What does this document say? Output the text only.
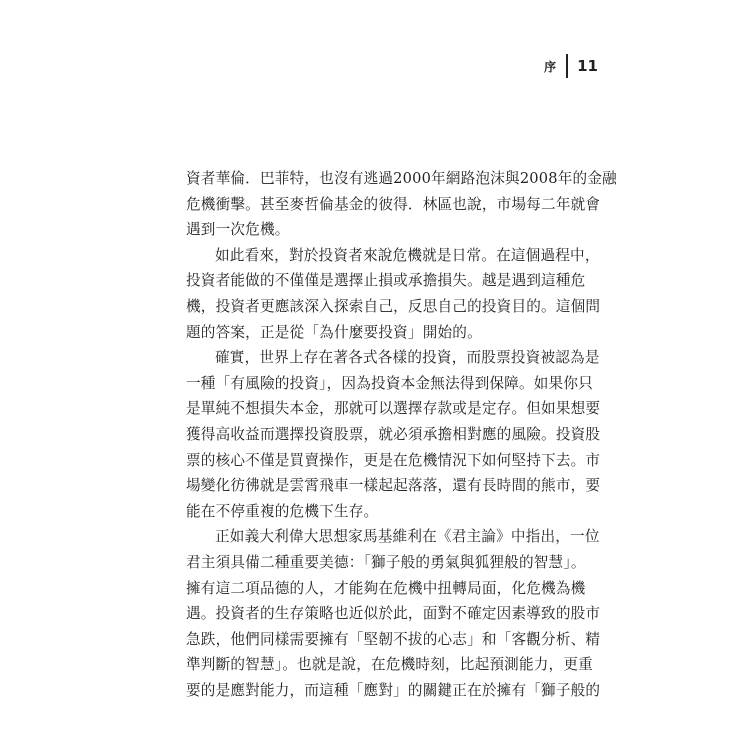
序 11
資者華倫．巴菲特，也沒有逃過2000年網路泡沫與2008年的金融
危機衝擊。甚至麥哲倫基金的彼得．林區也說，市場每二年就會
遇到一次危機。
如此看來，對於投資者來說危機就是日常。在這個過程中，
投資者能做的不僅僅是選擇止損或承擔損失。越是遇到這種危
機，投資者更應該深入探索自己，反思自己的投資目的。這個問
題的答案，正是從「為什麼要投資」開始的。
確實，世界上存在著各式各樣的投資，而股票投資被認為是
一種「有風險的投資」，因為投資本金無法得到保障。如果你只
是單純不想損失本金，那就可以選擇存款或是定存。但如果想要
獲得高收益而選擇投資股票，就必須承擔相對應的風險。投資股
票的核心不僅是買賣操作，更是在危機情況下如何堅持下去。市
場變化彷彿就是雲霄飛車一樣起起落落，還有長時間的熊市，要
能在不停重複的危機下生存。
正如義大利偉大思想家馬基維利在《君主論》中指出，一位
君主須具備二種重要美德：「獅子般的勇氣與狐狸般的智慧」。
擁有這二項品德的人，才能夠在危機中扭轉局面，化危機為機
遇。投資者的生存策略也近似於此，面對不確定因素導致的股市
急跌，他們同樣需要擁有「堅韌不拔的心志」和「客觀分析、精
準判斷的智慧」。也就是說，在危機時刻，比起預測能力，更重
要的是應對能力，而這種「應對」的關鍵正在於擁有「獅子般的
